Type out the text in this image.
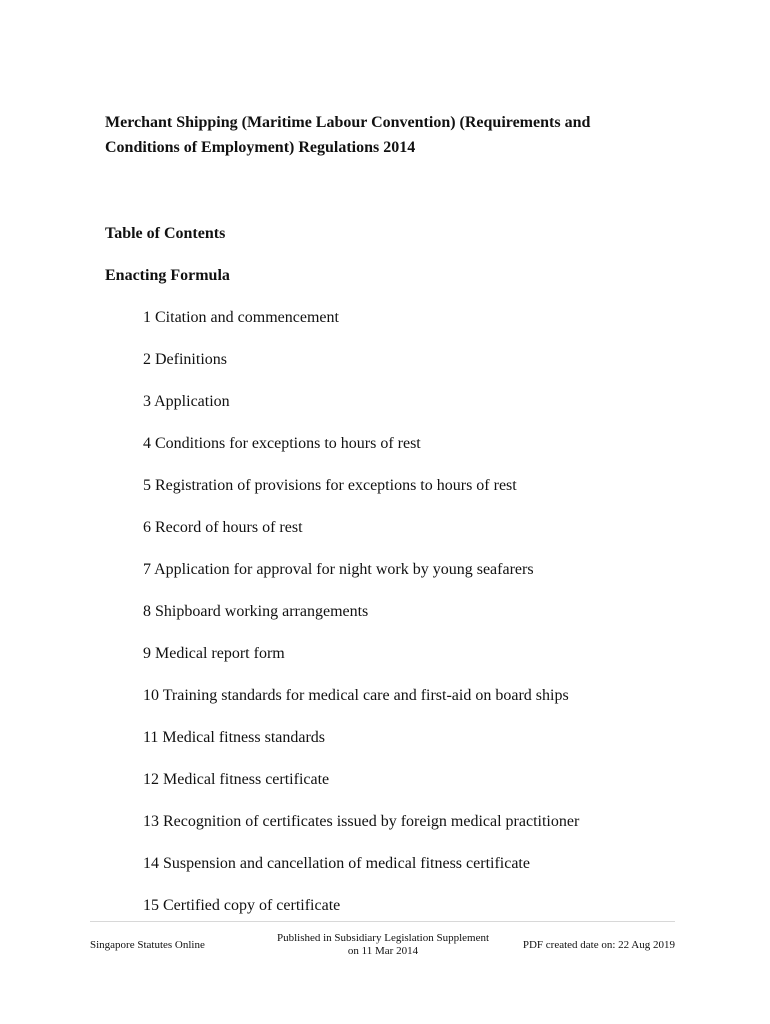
Merchant Shipping (Maritime Labour Convention) (Requirements and Conditions of Employment) Regulations 2014
Table of Contents
Enacting Formula
1 Citation and commencement
2 Definitions
3 Application
4 Conditions for exceptions to hours of rest
5 Registration of provisions for exceptions to hours of rest
6 Record of hours of rest
7 Application for approval for night work by young seafarers
8 Shipboard working arrangements
9 Medical report form
10 Training standards for medical care and first-aid on board ships
11 Medical fitness standards
12 Medical fitness certificate
13 Recognition of certificates issued by foreign medical practitioner
14 Suspension and cancellation of medical fitness certificate
15 Certified copy of certificate
Singapore Statutes Online
Published in Subsidiary Legislation Supplement
on 11 Mar 2014	PDF created date on: 22 Aug 2019
